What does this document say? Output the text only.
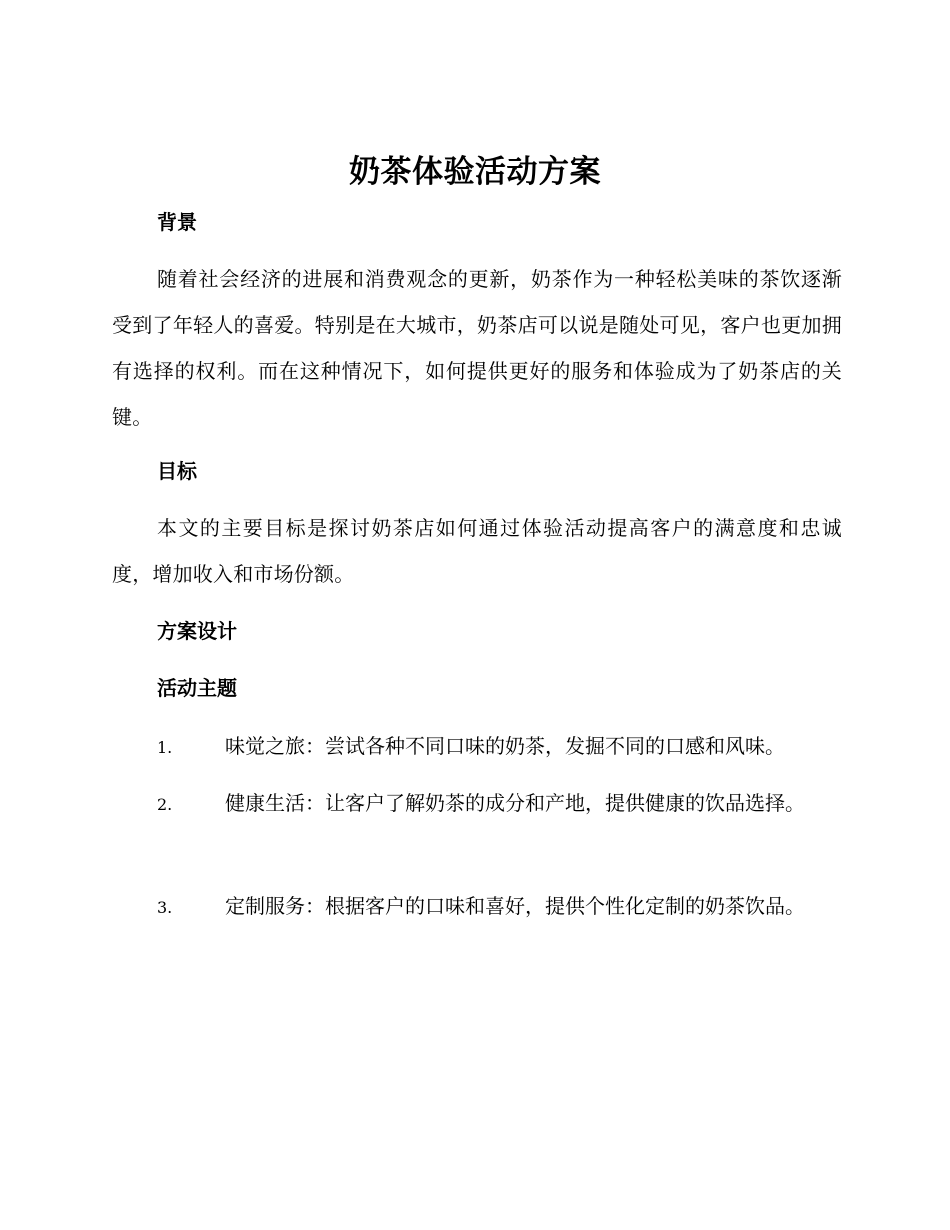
奶茶体验活动方案
背景
随着社会经济的进展和消费观念的更新，奶茶作为一种轻松美味的茶饮逐渐受到了年轻人的喜爱。特别是在大城市，奶茶店可以说是随处可见，客户也更加拥有选择的权利。而在这种情况下，如何提供更好的服务和体验成为了奶茶店的关键。
目标
本文的主要目标是探讨奶茶店如何通过体验活动提高客户的满意度和忠诚度，增加收入和市场份额。
方案设计
活动主题
1.	味觉之旅：尝试各种不同口味的奶茶，发掘不同的口感和风味。
2.	健康生活：让客户了解奶茶的成分和产地，提供健康的饮品选择。
3.	定制服务：根据客户的口味和喜好，提供个性化定制的奶茶饮品。
